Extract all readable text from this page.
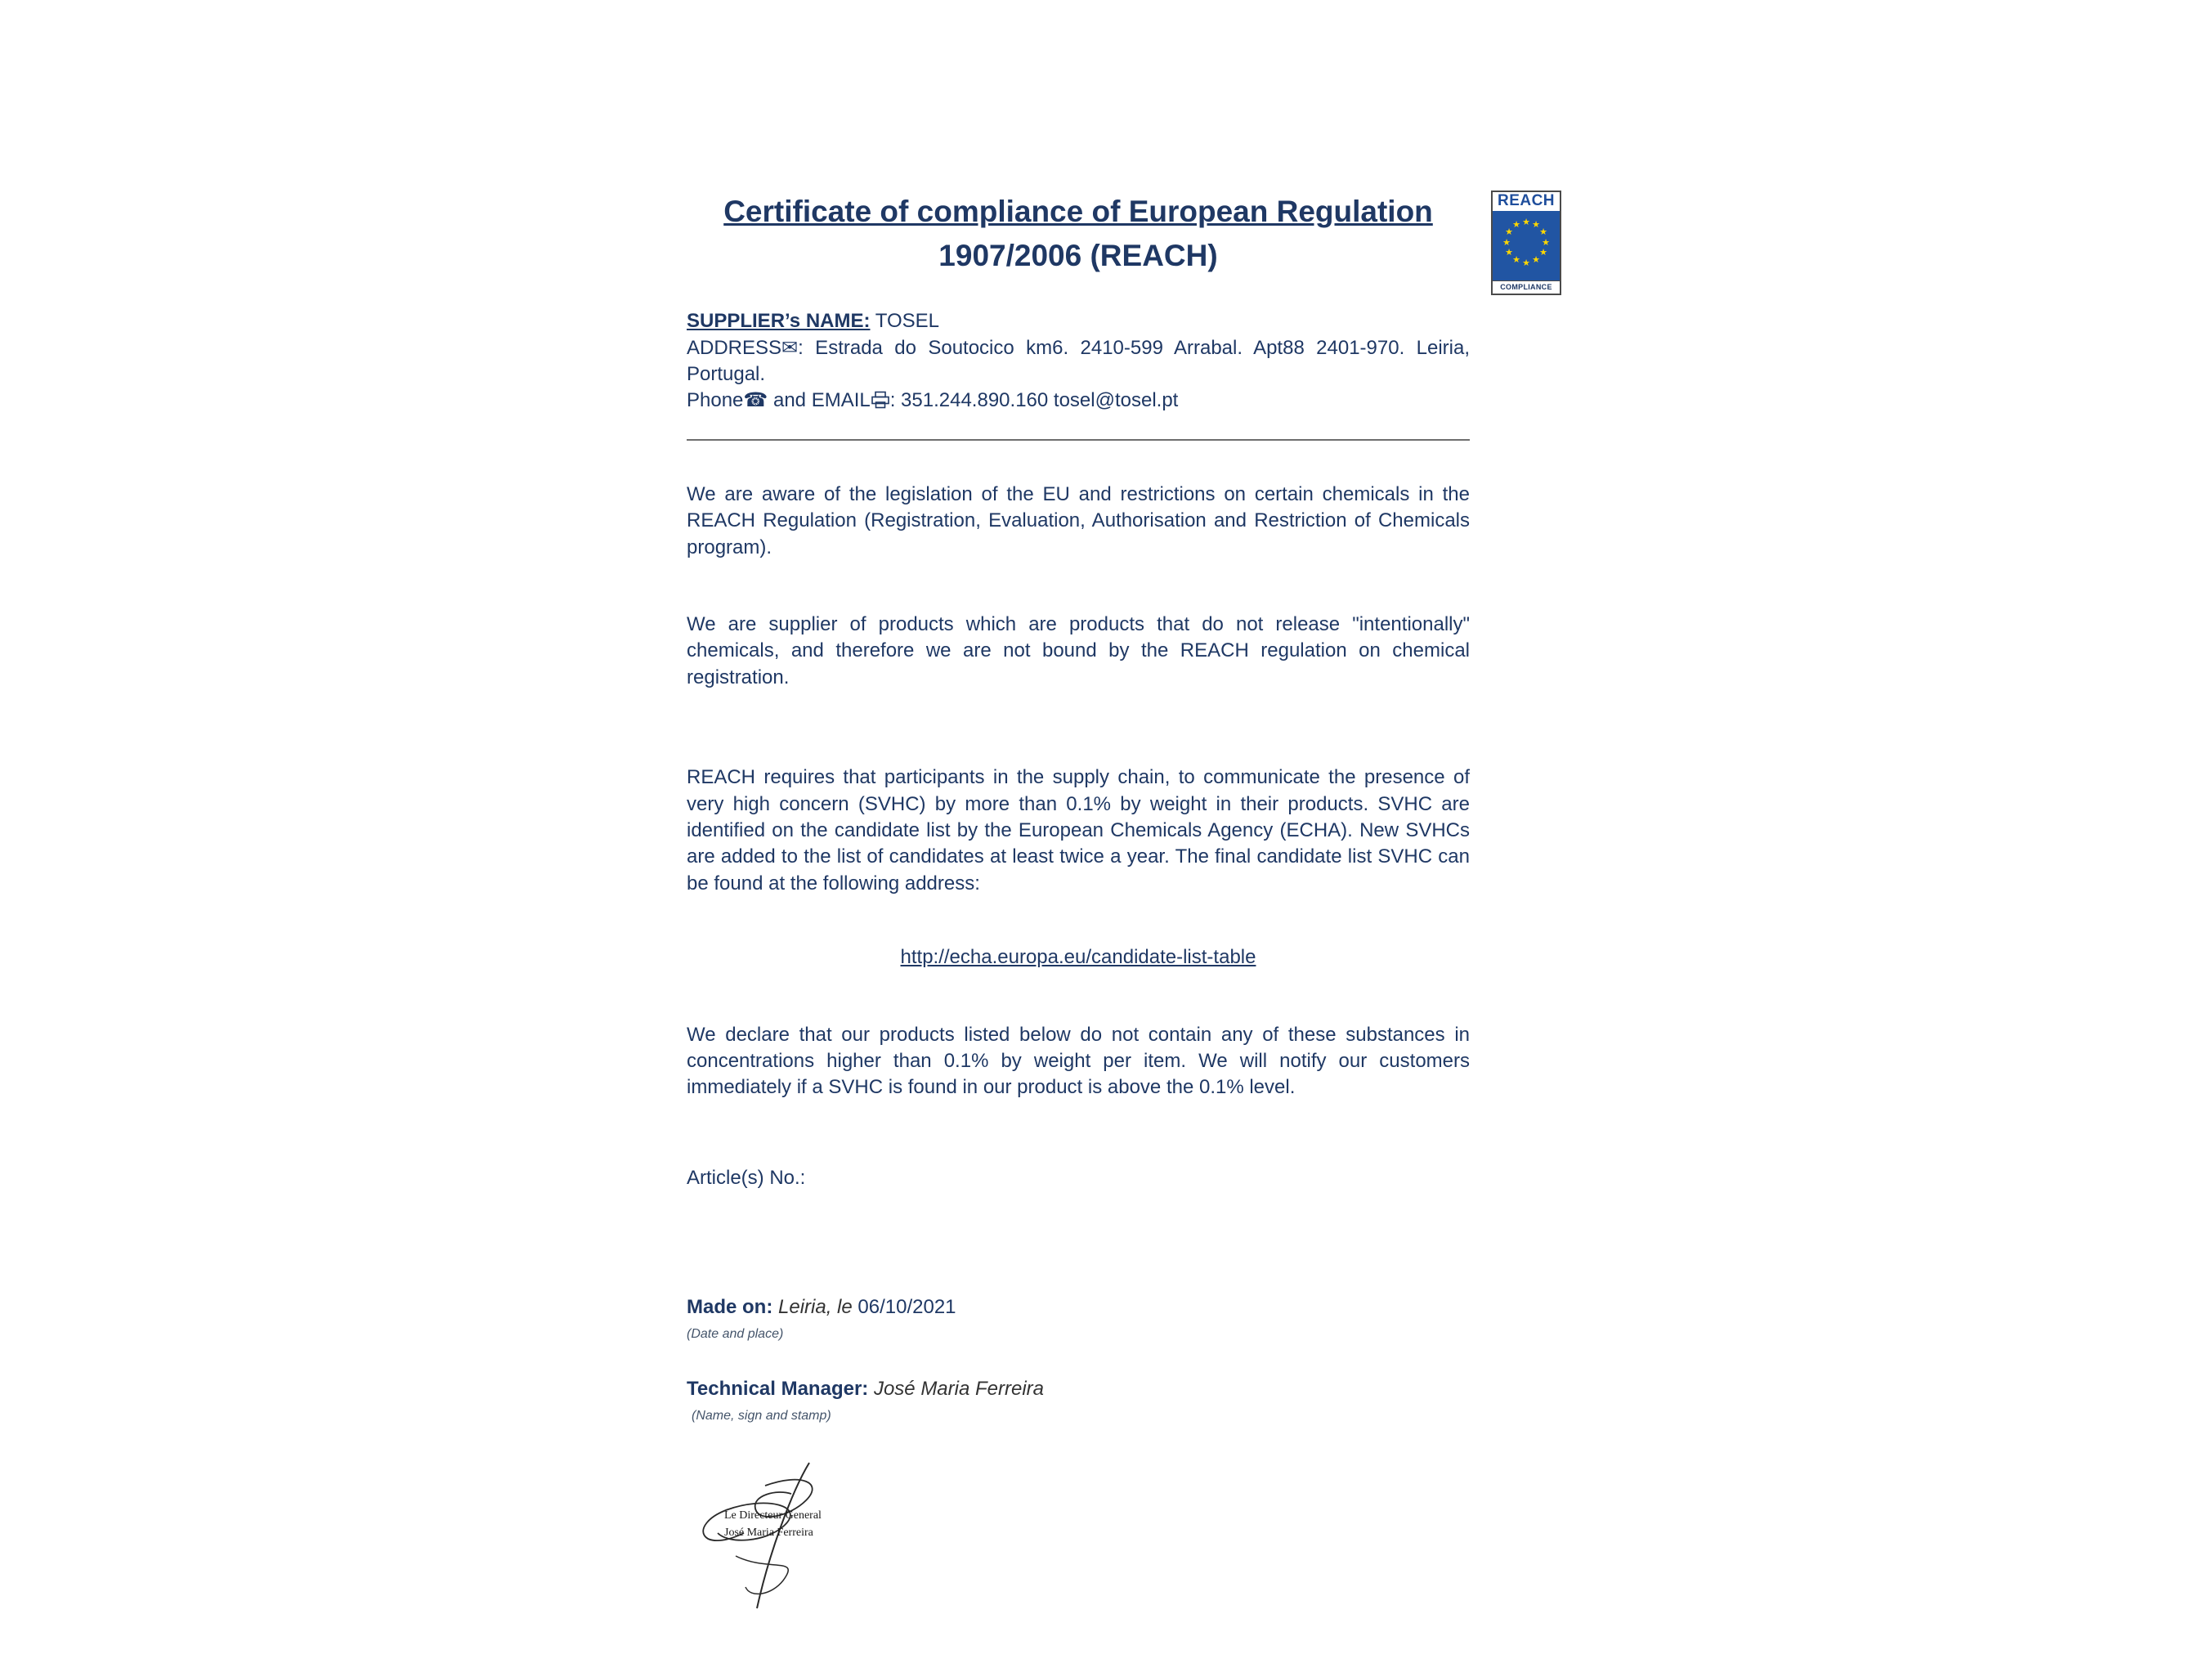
REACH
★ ★
★
★
★
★
★
★
★
★
★
★
COMPLIANCE
Certificate of compliance of European Regulation
1907/2006 (REACH)

SUPPLIER’s NAME: TOSEL

ADDRESS✉: Estrada do Soutocico km6. 2410-599 Arrabal. Apt88 2401-970. Leiria, Portugal.

Phone☎ and EMAIL : 351.244.890.160 tosel@tosel.pt

We are aware of the legislation of the EU and restrictions on certain chemicals in the REACH Regulation (Registration, Evaluation, Authorisation and Restriction of Chemicals program).

We are supplier of products which are products that do not release "intentionally" chemicals, and therefore we are not bound by the REACH regulation on chemical registration.

REACH requires that participants in the supply chain, to communicate the presence of very high concern (SVHC) by more than 0.1% by weight in their products. SVHC are identified on the candidate list by the European Chemicals Agency (ECHA). New SVHCs are added to the list of candidates at least twice a year. The final candidate list SVHC can be found at the following address:

http://echa.europa.eu/candidate-list-table

We declare that our products listed below do not contain any of these substances in concentrations higher than 0.1% by weight per item. We will notify our customers immediately if a SVHC is found in our product is above the 0.1% level.

Article(s) No.:

Made on: Leiria, le 06/10/2021

(Date and place)

Technical Manager: José Maria Ferreira

(Name, sign and stamp)

Le Directeur General
José Maria Ferreira
